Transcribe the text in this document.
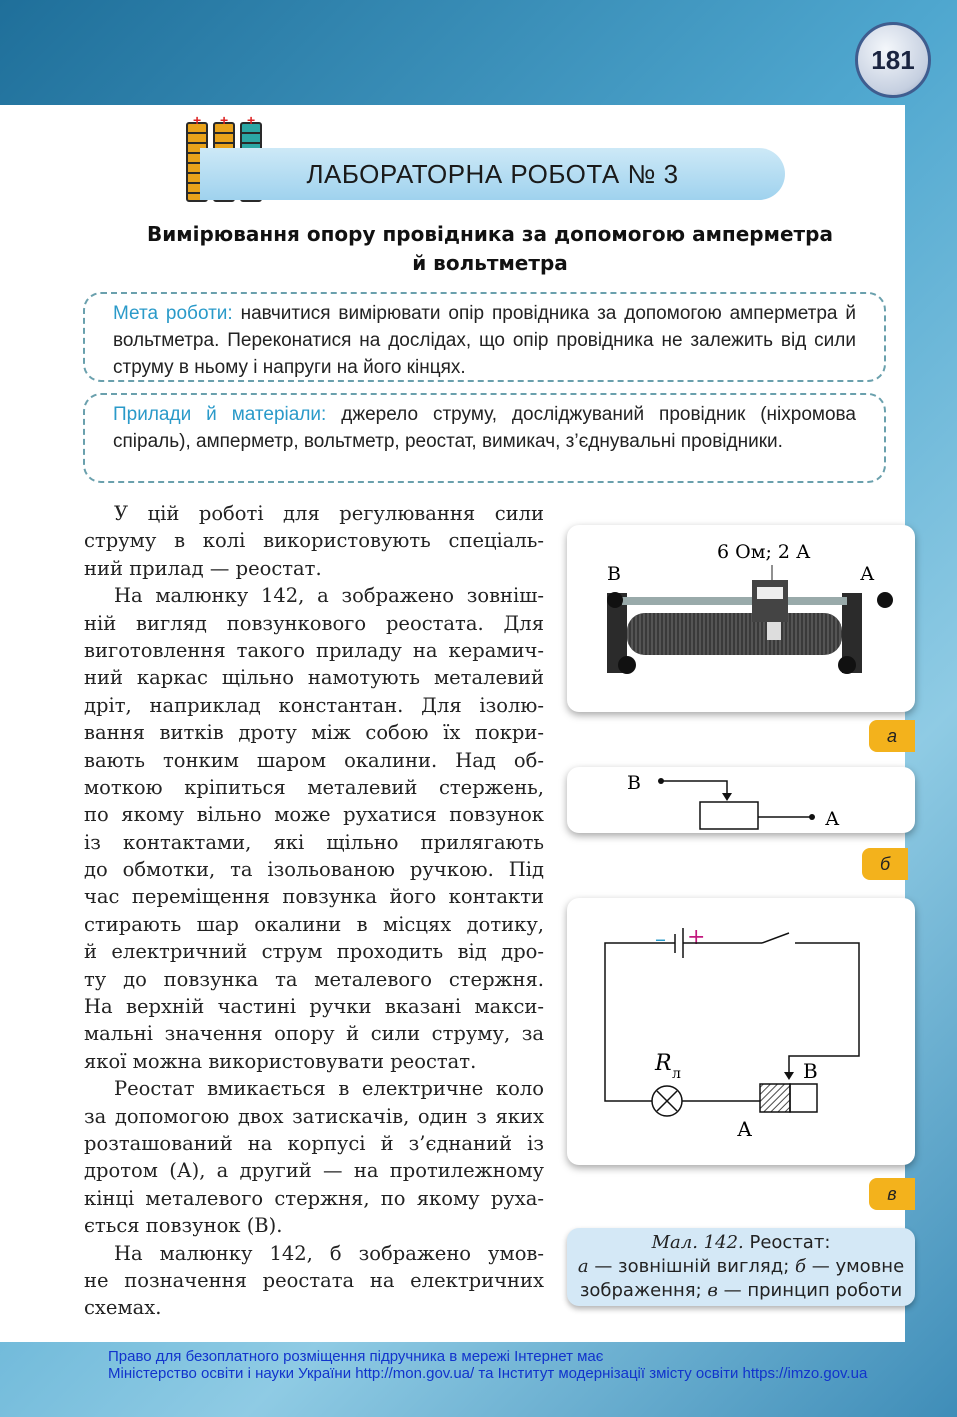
181
+
+
+
ЛАБОРАТОРНА РОБОТА № 3
Вимірювання опору провідника за допомогою амперметра
й вольтметра
Мета роботи: навчитися вимірювати опір провідника за допомогою амперметра й вольтметра. Переконатися на дослідах, що опір провідника не залежить від сили струму в ньому і напруги на його кінцях.
Прилади й матеріали: джерело струму, досліджуваний провідник (ніхромова спіраль), амперметр, вольтметр, реостат, вимикач, з’єднувальні провідники.
У цій роботі для регулювання сили
струму в колі використовують спеціаль-
ний прилад — реостат.
На малюнку 142, а зображено зовніш-
ній вигляд повзункового реостата. Для
виготовлення такого приладу на керамич-
ний каркас щільно намотують металевий
дріт, наприклад константан. Для ізолю-
вання витків дроту між собою їх покри-
вають тонким шаром окалини. Над об-
моткою кріпиться металевий стержень,
по якому вільно може рухатися повзунок
із контактами, які щільно прилягають
до обмотки, та ізольованою ручкою. Під
час переміщення повзунка його контакти
стирають шар окалини в місцях дотику,
й електричний струм проходить від дро-
ту до повзунка та металевого стержня.
На верхній частині ручки вказані макси-
мальні значення опору й сили струму, за
якої можна використовувати реостат.
Реостат вмикається в електричне коло
за допомогою двох затискачів, один з яких
розташований на корпусі й з’єднаний із
дротом (А), а другий — на протилежному
кінці металевого стержня, по якому руха-
ється повзунок (В).
На малюнку 142, б зображено умов-
не позначення реостата на електричних
схемах.
6 Ом; 2 А
В	А
а
В
А
б
– +
R л	В
А
в
Мал. 142. Реостат:
а — зовнішній вигляд; б — умовне
зображення; в — принцип роботи
Право для безоплатного розміщення підручника в мережі Інтернет має
Міністерство освіти і науки України http://mon.gov.ua/ та Інститут модернізації змісту освіти https://imzo.gov.ua
